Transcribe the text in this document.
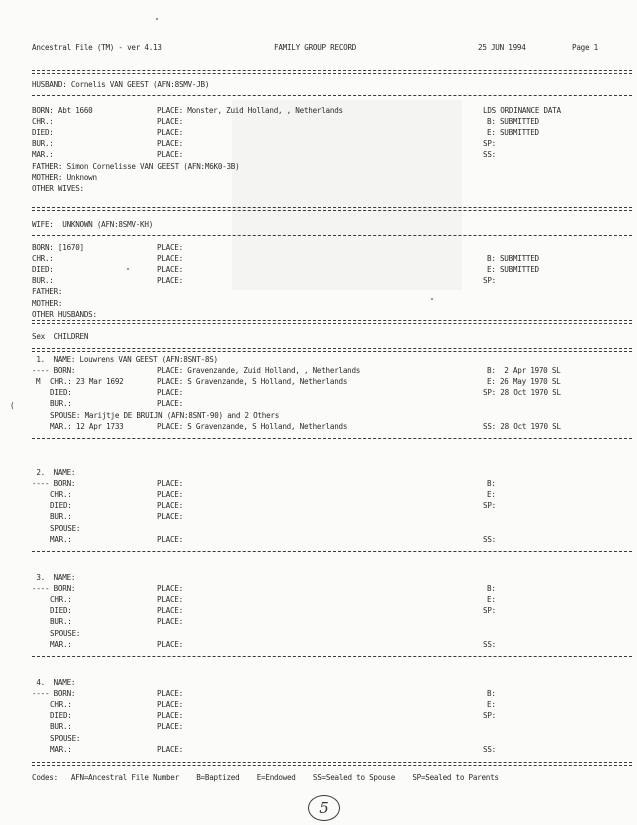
(
Ancestral File (TM) - ver 4.13	FAMILY GROUP RECORD	25 JUN 1994	Page 1
HUSBAND: Cornelis VAN GEEST (AFN:8SMV-JB)
BORN: Abt 1660	PLACE: Monster, Zuid Holland, , Netherlands	LDS ORDINANCE DATA
CHR.:	PLACE:	B: SUBMITTED
DIED:	PLACE:	E: SUBMITTED
BUR.:	PLACE:	SP:
MAR.:	PLACE:	SS:
FATHER: Simon Cornelisse VAN GEEST (AFN:M6K0-3B)
MOTHER: Unknown
OTHER WIVES:
WIFE:  UNKNOWN (AFN:8SMV-KH)
BORN: [1670]	PLACE:
CHR.:	PLACE:	B: SUBMITTED
DIED:	PLACE:	E: SUBMITTED
BUR.:	PLACE:	SP:
FATHER:
MOTHER:
OTHER HUSBANDS:
Sex  CHILDREN
1.  NAME: Louwrens VAN GEEST (AFN:8SNT-8S)
---- BORN:	PLACE: Gravenzande, Zuid Holland, , Netherlands	B:  2 Apr 1970 SL
M CHR.: 23 Mar 1692	PLACE: S Gravenzande, S Holland, Netherlands	E: 26 May 1970 SL
DIED:	PLACE:	SP: 28 Oct 1970 SL
BUR.:	PLACE:
SPOUSE: Marijtje DE BRUIJN (AFN:8SNT-90) and 2 Others
MAR.: 12 Apr 1733	PLACE: S Gravenzande, S Holland, Netherlands	SS: 28 Oct 1970 SL
2.  NAME:
---- BORN:	PLACE:	B:
CHR.:	PLACE:	E:
DIED:	PLACE:	SP:
BUR.:	PLACE:
SPOUSE:
MAR.:	PLACE:	SS:
3.  NAME:
---- BORN:	PLACE:	B:
CHR.:	PLACE:	E:
DIED:	PLACE:	SP:
BUR.:	PLACE:
SPOUSE:
MAR.:	PLACE:	SS:
4.  NAME:
---- BORN:	PLACE:	B:
CHR.:	PLACE:	E:
DIED:	PLACE:	SP:
BUR.:	PLACE:
SPOUSE:
MAR.:	PLACE:	SS:
Codes:   AFN=Ancestral File Number    B=Baptized    E=Endowed    SS=Sealed to Spouse    SP=Sealed to Parents
5
